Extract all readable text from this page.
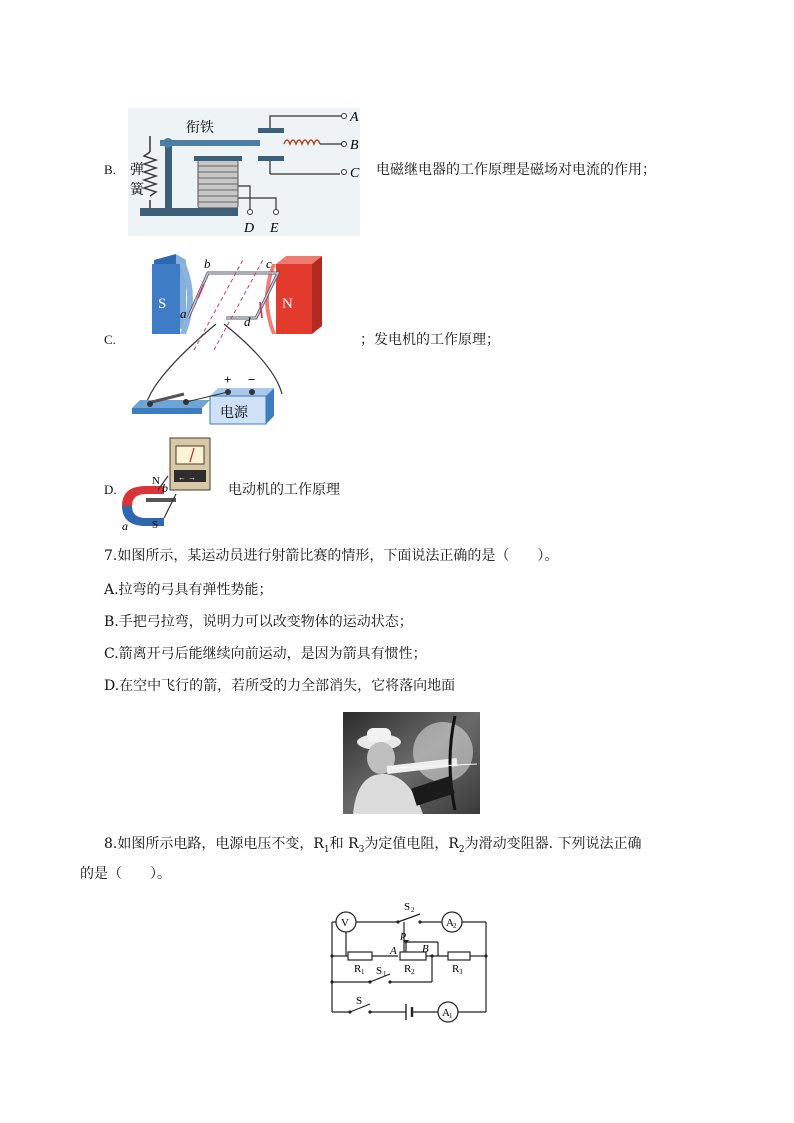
B.
衔铁
弹
簧
A
B
C
D E
电磁继电器的工作原理是磁场对电流的作用；
C.
S	N
a
b	c
d
+ −
电源
；发电机的工作原理；
D.
← →
N
S
a
b	电动机的工作原理
7.如图所示，某运动员进行射箭比赛的情形，下面说法正确的是（　　）。
A.拉弯的弓具有弹性势能；
B.手把弓拉弯，说明力可以改变物体的运动状态；
C.箭离开弓后能继续向前运动，是因为箭具有惯性；
D.在空中飞行的箭，若所受的力全部消失，它将落向地面
8.如图所示电路，电源电压不变，$R_1$和 $R_3$为定值电阻，$R_2$为滑动变阻器. 下列说法正确
的是（　　）。
V	A 2
A 1
S 2
S 1
S
R 1	R 2	R 3
P
A B
